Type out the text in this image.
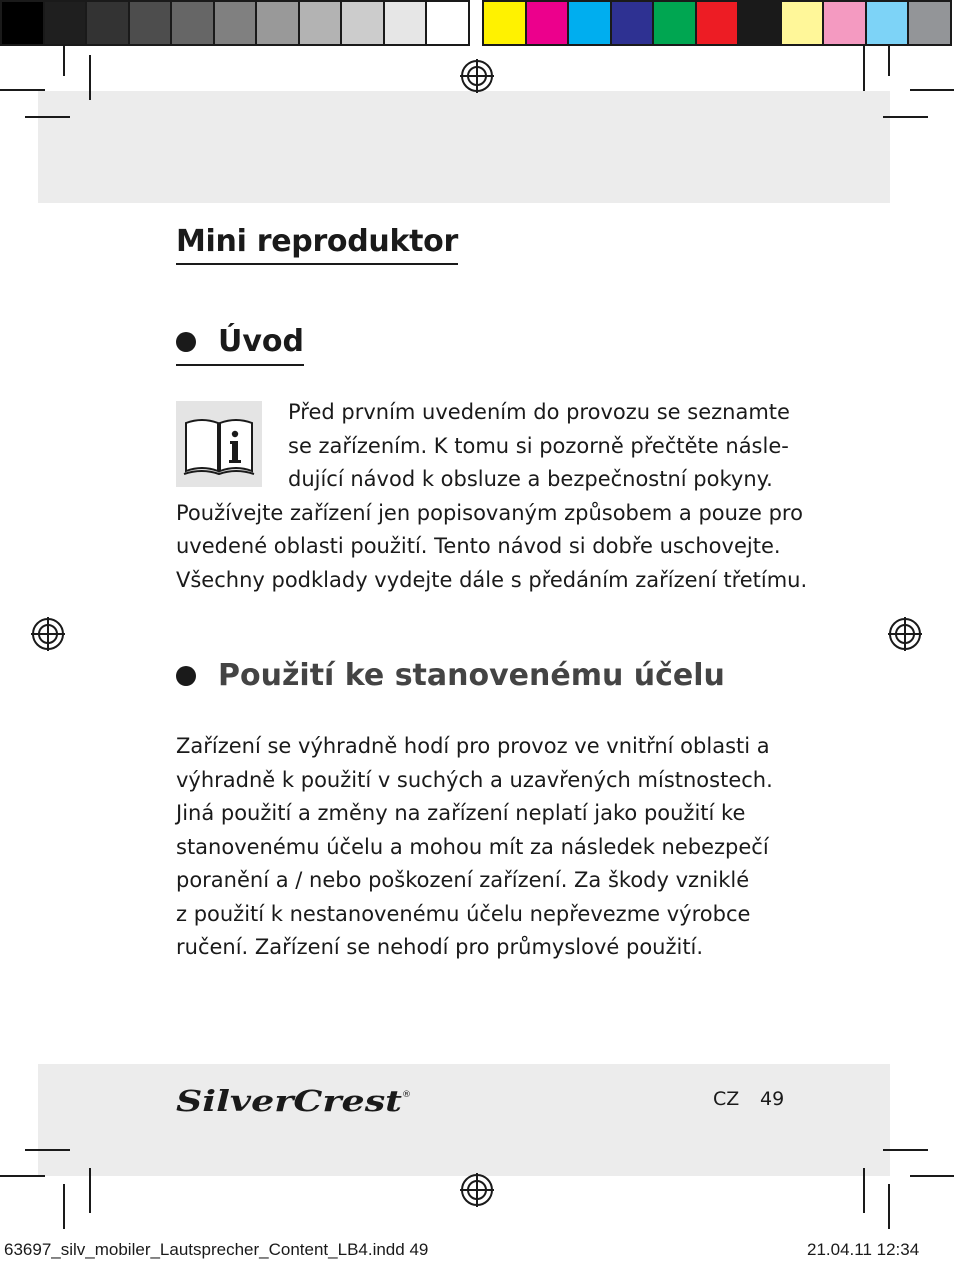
Mini reproduktor
Úvod

Před prvním uvedením do provozu se seznamte
se zařízením. K tomu si pozorně přečtěte násle-
dující návod k obsluze a bezpečnostní pokyny.
Používejte zařízení jen popisovaným způsobem a pouze pro
uvedené oblasti použití. Tento návod si dobře uschovejte.
Všechny podklady vydejte dále s předáním zařízení třetímu.

Použití ke stanovenému účelu

Zařízení se výhradně hodí pro provoz ve vnitřní oblasti a
výhradně k použití v suchých a uzavřených místnostech.
Jiná použití a změny na zařízení neplatí jako použití ke
stanovenému účelu a mohou mít za následek nebezpečí
poranění a / nebo poškození zařízení. Za škody vzniklé
z použití k nestanovenému účelu nepřevezme výrobce
ručení. Zařízení se nehodí pro průmyslové použití.

SilverCrest ®	CZ 49
63697_silv_mobiler_Lautsprecher_Content_LB4.indd 49	21.04.11 12:34
